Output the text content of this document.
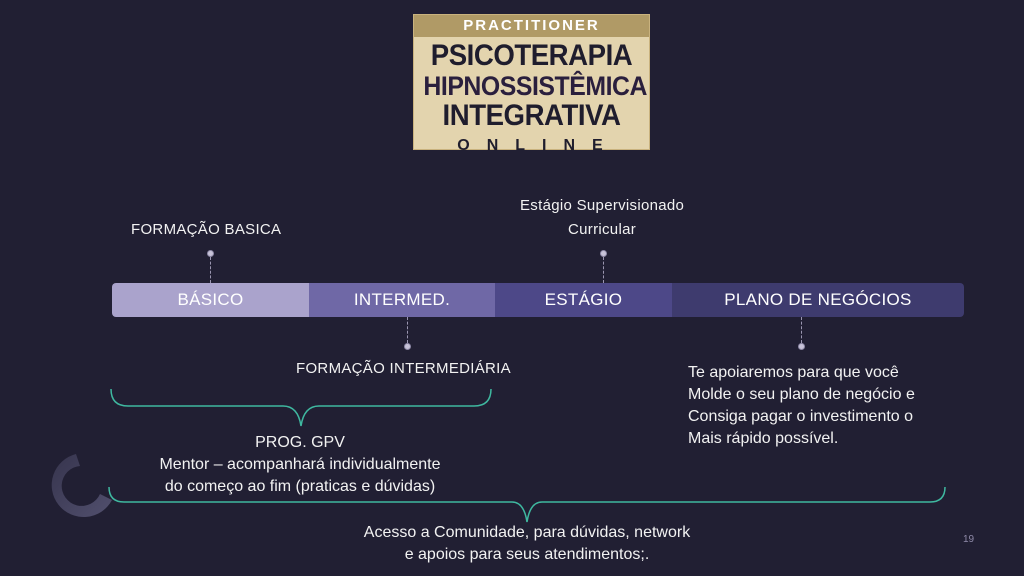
PRACTITIONER
PSICOTERAPIA
HIPNOSSISTÊMICA
INTEGRATIVA
ONLINE
FORMAÇÃO BASICA
Estágio Supervisionado
Curricular
BÁSICO	INTERMED.	ESTÁGIO	PLANO DE NEGÓCIOS
FORMAÇÃO INTERMEDIÁRIA	Te apoiaremos para que você
Molde o seu plano de negócio e
Consiga pagar o investimento o
Mais rápido possível.
PROG. GPV
Mentor – acompanhará individualmente
do começo ao fim (praticas e dúvidas)
Acesso a Comunidade, para dúvidas, network
e apoios para seus atendimentos;.
19
